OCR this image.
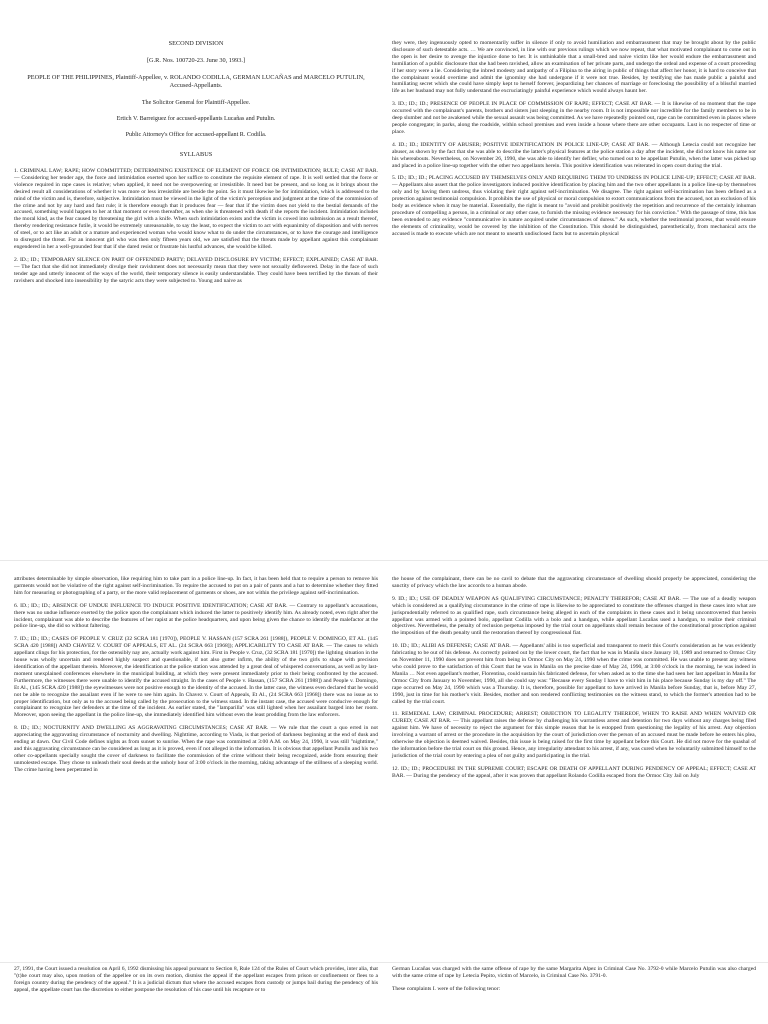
SECOND DIVISION
[G.R. Nos. 100720-23. June 30, 1993.]
PEOPLE OF THE PHILIPPINES, Plaintiff-Appellee, v. ROLANDO CODILLA, GERMAN LUCAÑAS and MARCELO PUTULIN, Accused-Appellants.
The Solicitor General for Plaintiff-Appellee.
Ertich V. Barreiguez for accused-appellants Lucañas and Putulin.
Public Attorney's Office for accused-appellant R. Codilla.
SYLLABUS

1. CRIMINAL LAW; RAPE; HOW COMMITTED; DETERMINING EXISTENCE OF ELEMENT OF FORCE OR INTIMIDATION; RULE; CASE AT BAR. — Considering her tender age, the force and intimidation exerted upon her suffice to constitute the requisite element of rape. It is well settled that the force or violence required in rape cases is relative; when applied, it need not be overpowering or irresistible. It need but be present, and so long as it brings about the desired result all considerations of whether it was more or less irresistible are beside the point. So it must likewise be for intimidation, which is addressed to the mind of the victim and is, therefore, subjective. Intimidation must be viewed in the light of the victim's perception and judgment at the time of the commission of the crime and not by any hard and fast rule; it is therefore enough that it produces fear — fear that if the victim does not yield to the bestial demands of the accused, something would happen to her at that moment or even thereafter, as when she is threatened with death if she reports the incident. Intimidation includes the moral kind, as the fear caused by threatening the girl with a knife. When such intimidation exists and the victim is cowed into submission as a result thereof, thereby rendering resistance futile, it would be extremely unreasonable, to say the least, to expect the victim to act with equanimity of disposition and with nerves of steel, or to act like an adult or a mature and experienced woman who would know what to do under the circumstances, or to have the courage and intelligence to disregard the threat. For an innocent girl who was then only fifteen years old, we are satisfied that the threats made by appellant against this complainant engendered in her a well-grounded fear that if she dared resist or frustrate his lustful advances, she would be killed.

2. ID.; ID.; TEMPORARY SILENCE ON PART OF OFFENDED PARTY; DELAYED DISCLOSURE BY VICTIM; EFFECT; EXPLAINED; CASE AT BAR. — The fact that she did not immediately divulge their ravishment does not necessarily mean that they were not sexually deflowered. Delay in the face of such tender age and utterly innocent of the ways of the world, their temporary silence is easily understandable. They could have been terrified by the threats of their ravishers and shocked into insensibility by the satyric acts they were subjected to. Young and naive as

they were, they ingenuously opted to momentarily suffer in silence if only to avoid humiliation and embarrassment that may be brought about by the public disclosure of such detestable acts. … We are convinced, in line with our previous rulings which we now repeat, that what motivated complainant to come out in the open is her desire to avenge the injustice done to her. It is unthinkable that a small-bred and naive victim like her would endure the embarrassment and humiliation of a public disclosure that she had been ravished, allow an examination of her private parts, and undergo the ordeal and expense of a court proceeding if her story were a lie. Considering the inbred modesty and antipathy of a Filipina to the airing in public of things that affect her honor, it is hard to conceive that the complainant would overtime and admit the ignominy she had undergone if it were not true. Besides, by testifying she has made public a painful and humiliating secret which she could have simply kept to herself forever, jeopardizing her chances of marriage or foreclosing the possibility of a blissful married life as her husband may not fully understand the excruciatingly painful experience which would always haunt her.

3. ID.; ID.; ID.; PRESENCE OF PEOPLE IN PLACE OF COMMISSION OF RAPE; EFFECT; CASE AT BAR. — It is likewise of no moment that the rape occurred with the complainant's parents, brothers and sisters just sleeping in the nearby room. It is not impossible nor incredible for the family members to be in deep slumber and not be awakened while the sexual assault was being committed. As we have repeatedly pointed out, rape can be committed even in places where people congregate; in parks, along the roadside, within school premises and even inside a house where there are other occupants. Lust is no respecter of time or place.

4. ID.; ID.; IDENTITY OF ABUSER; POSITIVE IDENTIFICATION IN POLICE LINE-UP; CASE AT BAR. — Although Letecia could not recognize her abuser, as shown by the fact that she was able to describe the latter's physical features at the police station a day after the incident, she did not know his name nor his whereabouts. Nevertheless, on November 26, 1990, she was able to identify her defiler, who turned out to be appellant Putulin, when the latter was picked up and placed in a police line-up together with the other two appellants herein. This positive identification was reiterated in open court during the trial.

5. ID.; ID.; ID.; PLACING ACCUSED BY THEMSELVES ONLY AND REQUIRING THEM TO UNDRESS IN POLICE LINE-UP; EFFECT; CASE AT BAR. — Appellants also assert that the police investigators induced positive identification by placing him and the two other appellants in a police line-up by themselves only and by having them undress, thus violating their right against self-incrimination. We disagree. The right against self-incrimination has been defined as a protection against testimonial compulsion. It prohibits the use of physical or moral compulsion to extort communications from the accused, not an exclusion of his body as evidence when it may be material. Essentially, the right is meant to "avoid and prohibit positively the repetition and recurrence of the certainly inhuman procedure of compelling a person, in a criminal or any other case, to furnish the missing evidence necessary for his conviction." With the passage of time, this has been extended to any evidence "communicative in nature acquired under circumstances of duress." As such, whether the testimonial process, that would ensure the elements of criminality, would be covered by the inhibition of the Constitution. This should be distinguished, parenthetically, from mechanical acts the accused is made to execute which are not meant to unearth undisclosed facts but to ascertain physical

attributes determinable by simple observation, like requiring him to take part in a police line-up. In fact, it has been held that to require a person to remove his garments would not be violative of the right against self-incrimination. To require the accused to put on a pair of pants and a hat to determine whether they fitted him for measuring or photographing of a party, or the more valid replacement of garments or shoes, are not within the privilege against self-incrimination.

6. ID.; ID.; ID.; ABSENCE OF UNDUE INFLUENCE TO INDUCE POSITIVE IDENTIFICATION; CASE AT BAR. — Contrary to appellant's accusations, there was no undue influence exerted by the police upon the complainant which induced the latter to positively identify him. As already noted, even right after the incident, complainant was able to describe the features of her rapist at the police headquarters, and upon being given the chance to identify the malefactor at the police line-up, she did so without faltering.

7. ID.; ID.; ID.; CASES OF PEOPLE V. CRUZ (32 SCRA 181 [1970]), PEOPLE V. HASSAN (157 SCRA 261 [1988]), PEOPLE V. DOMINGO, ET AL. (145 SCRA 420 [1988]) AND CHAVEZ V. COURT OF APPEALS, ET AL. (24 SCRA 663 [1968]); APPLICABILITY TO CASE AT BAR. — The cases to which appellant clings for his protection, for the ostensibly nay are, actually work against him. First in People v. Cruz, (32 SCRA 181 [1970]) the lighting situation in the house was wholly uncertain and rendered highly suspect and questionable, if not also gutter infirm, the ability of the two girls to shape with precision identification of the appellant therein. Moreover, the identification at the police station was attended by a great deal of whispered conversations, as well as by last-moment unexplained conferences elsewhere in the municipal building, at which they were present immediately prior to their being confronted by the accused. Furthermore, the witnesses there were unable to identify the accused straight. In the cases of People v. Hassan, (157 SCRA 261 [1988]) and People v. Domingo, Et Al., (145 SCRA 420 [1988]) the eyewitnesses were not positive enough to the identity of the accused. In the latter case, the witness even declared that he would not be able to recognize the assailant even if he were to see him again. In Chavez v. Court of Appeals, Et Al., (24 SCRA 663 [1968]) there was no issue as to proper identification, but only as to the accused being called by the prosecution to the witness stand. In the instant case, the accused were conducive enough for complainant to recognize her defenders at the time of the incident. As earlier stated, the "lamparilla" was still lighted when her assailant barged into her room. Moreover, upon seeing the appellant in the police line-up, she immediately identified him without even the least prodding from the law enforcers.

8. ID.; ID.; NOCTURNITY AND DWELLING AS AGGRAVATING CIRCUMSTANCES; CASE AT BAR. — We rule that the court a quo erred in not appreciating the aggravating circumstance of nocturnity and dwelling. Nighttime, according to Viada, is that period of darkness beginning at the end of dusk and ending at dawn. Our Civil Code defines nights as from sunset to sunrise. When the rape was committed at 3:00 A.M. on May 24, 1990, it was still "nighttime," and this aggravating circumstance can be considered as long as it is proved, even if not alleged in the information. It is obvious that appellant Putulin and his two other co-appellants specially sought the cover of darkness to facilitate the commission of the crime without their being recognized, aside from ensuring their unmolested escape. They chose to unleash their soul deeds at the unholy hour of 3:00 o'clock in the morning, taking advantage of the stillness of a sleeping world. The crime having been perpetrated in

the house of the complainant, there can be no cavil to debate that the aggravating circumstance of dwelling should properly be appreciated, considering the sanctity of privacy which the law accords to a human abode.

9. ID.; ID.; USE OF DEADLY WEAPON AS QUALIFYING CIRCUMSTANCE; PENALTY THEREFOR; CASE AT BAR. — The use of a deadly weapon which is considered as a qualifying circumstance in the crime of rape is likewise to be appreciated to constitute the offenses charged in these cases into what are jurisprudentially referred to as qualified rape, such circumstance being alleged in each of the complaints in these cases and it being uncontroverted that herein appellant was armed with a pointed bolo, appellant Codilla with a bolo and a handgun, while appellant Lucañas used a handgun, to realize their criminal objectives. Nevertheless, the penalty of reclusion perpetua imposed by the trial court on appellants shall remain because of the constitutional proscription against the imposition of the death penalty until the restoration thereof by congressional fiat.

10. ID.; ID.; ALIBI AS DEFENSE; CASE AT BAR. — Appellants' alibi is too superficial and transparent to merit this Court's consideration as he was evidently fabricating to be out of his defense. As correctly pointed out by the lower court, the fact that he was in Manila since January 10, 1989 and returned to Ormoc City on November 11, 1990 does not prevent him from being in Ormoc City on May 24, 1990 when the crime was committed. He was unable to present any witness who could prove to the satisfaction of this Court that he was in Manila on the precise date of May 24, 1990, at 3:00 o'clock in the morning, he was indeed in Manila … Not even appellant's mother, Florentina, could sustain his fabricated defense, for when asked as to the time she had seen her last appellant in Manila for Ormoc City from January to November, 1990, all she could say was: "Because every Sunday I have to visit him in his place because Sunday is my day off." The rape occurred on May 24, 1990 which was a Thursday. It is, therefore, possible for appellant to have arrived in Manila before Sunday, that is, before May 27, 1990, just in time for his mother's visit. Besides, mother and son rendered conflicting testimonies on the witness stand, to which the former's attention had to be called by the trial court.

11. REMEDIAL LAW; CRIMINAL PROCEDURE; ARREST; OBJECTION TO LEGALITY THEREOF, WHEN TO RAISE AND WHEN WAIVED OR CURED; CASE AT BAR. — This appellant raises the defense by challenging his warrantless arrest and detention for two days without any charges being filed against him. We have of necessity to reject the argument for this simple reason that he is estopped from questioning the legality of his arrest. Any objection involving a warrant of arrest or the procedure in the acquisition by the court of jurisdiction over the person of an accused must be made before he enters his plea, otherwise the objection is deemed waived. Besides, this issue is being raised for the first time by appellant before this Court. He did not move for the quashal of the information before the trial court on this ground. Hence, any irregularity attendant to his arrest, if any, was cured when he voluntarily submitted himself to the jurisdiction of the trial court by entering a plea of not guilty and participating in the trial.

12. ID.; ID.; PROCEDURE IN THE SUPREME COURT; ESCAPE OR DEATH OF APPELLANT DURING PENDENCY OF APPEAL; EFFECT; CASE AT BAR. — During the pendency of the appeal, after it was proven that appellant Rolando Codilla escaped from the Ormoc City Jail on July

27, 1991, the Court issued a resolution on April 6, 1992 dismissing his appeal pursuant to Section 8, Rule 124 of the Rules of Court which provides, inter alia, that "(t)he court may also, upon motion of the appellee or on its own motion, dismiss the appeal if the appellant escapes from prison or confinement or flees to a foreign country during the pendency of the appeal." It is a judicial dictum that where the accused escapes from custody or jumps bail during the pendency of his appeal, the appellate court has the discretion to either postpone the resolution of his case until his recapture or to

German Lucañas was charged with the same offense of rape by the same Margarita Alpez in Criminal Case No. 3792-0 while Marcelo Putulin was also charged with the same crime of rape by Letecia Pepito, victim of Marcelo, in Criminal Case No. 3791-0.

These complaints I. were of the following tenor:
